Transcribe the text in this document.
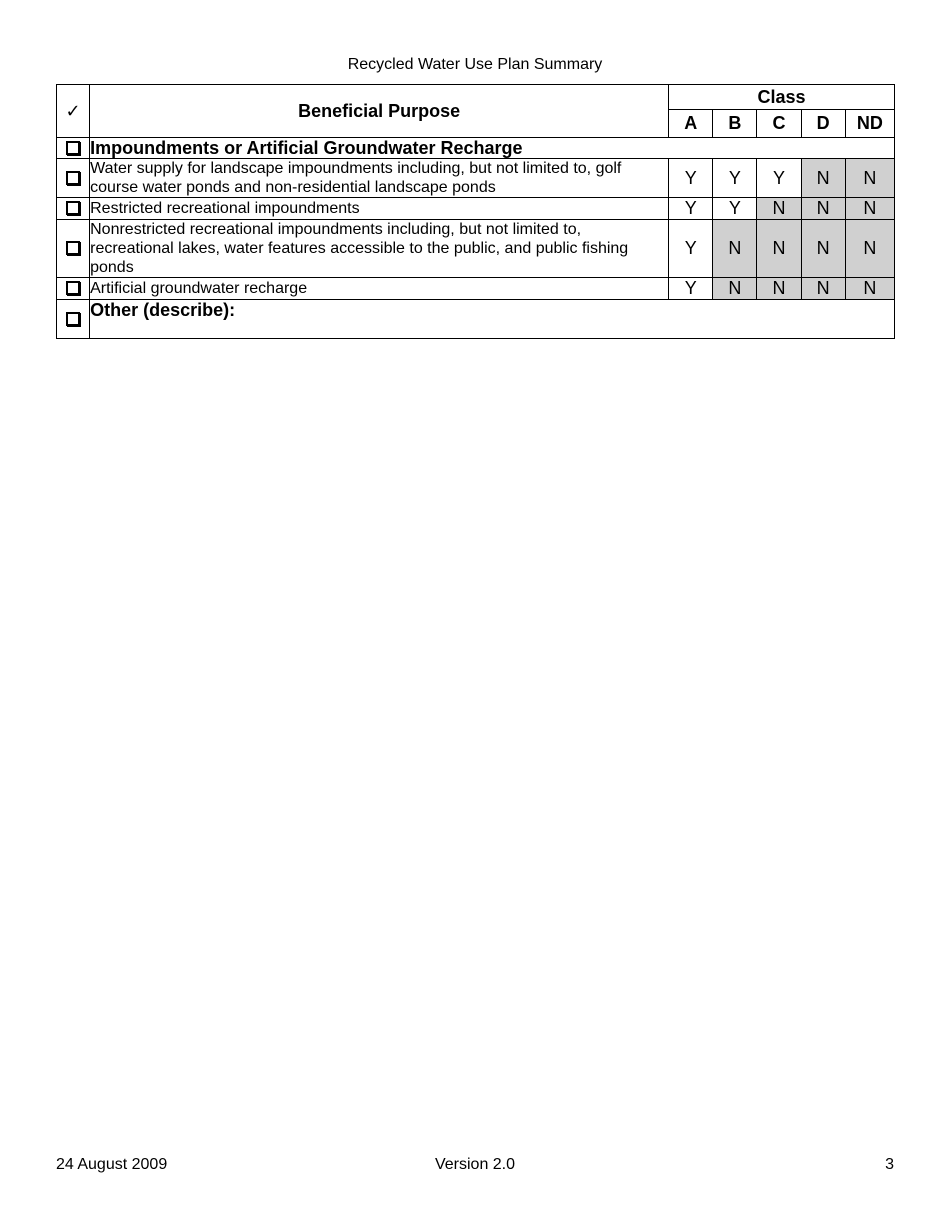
Recycled Water Use Plan Summary
✓	Beneficial Purpose	Class				
		A	B	C	D	ND
	Impoundments or Artificial Groundwater Recharge					
	Water supply for landscape impoundments including, but not limited to, golf course water ponds and non-residential landscape ponds	Y	Y	Y	N	N
	Restricted recreational impoundments	Y	Y	N	N	N
	Nonrestricted recreational impoundments including, but not limited to, recreational lakes, water features accessible to the public, and public fishing ponds	Y	N	N	N	N
	Artificial groundwater recharge	Y	N	N	N	N
	Other (describe):					
24 August 2009	Version 2.0	3
